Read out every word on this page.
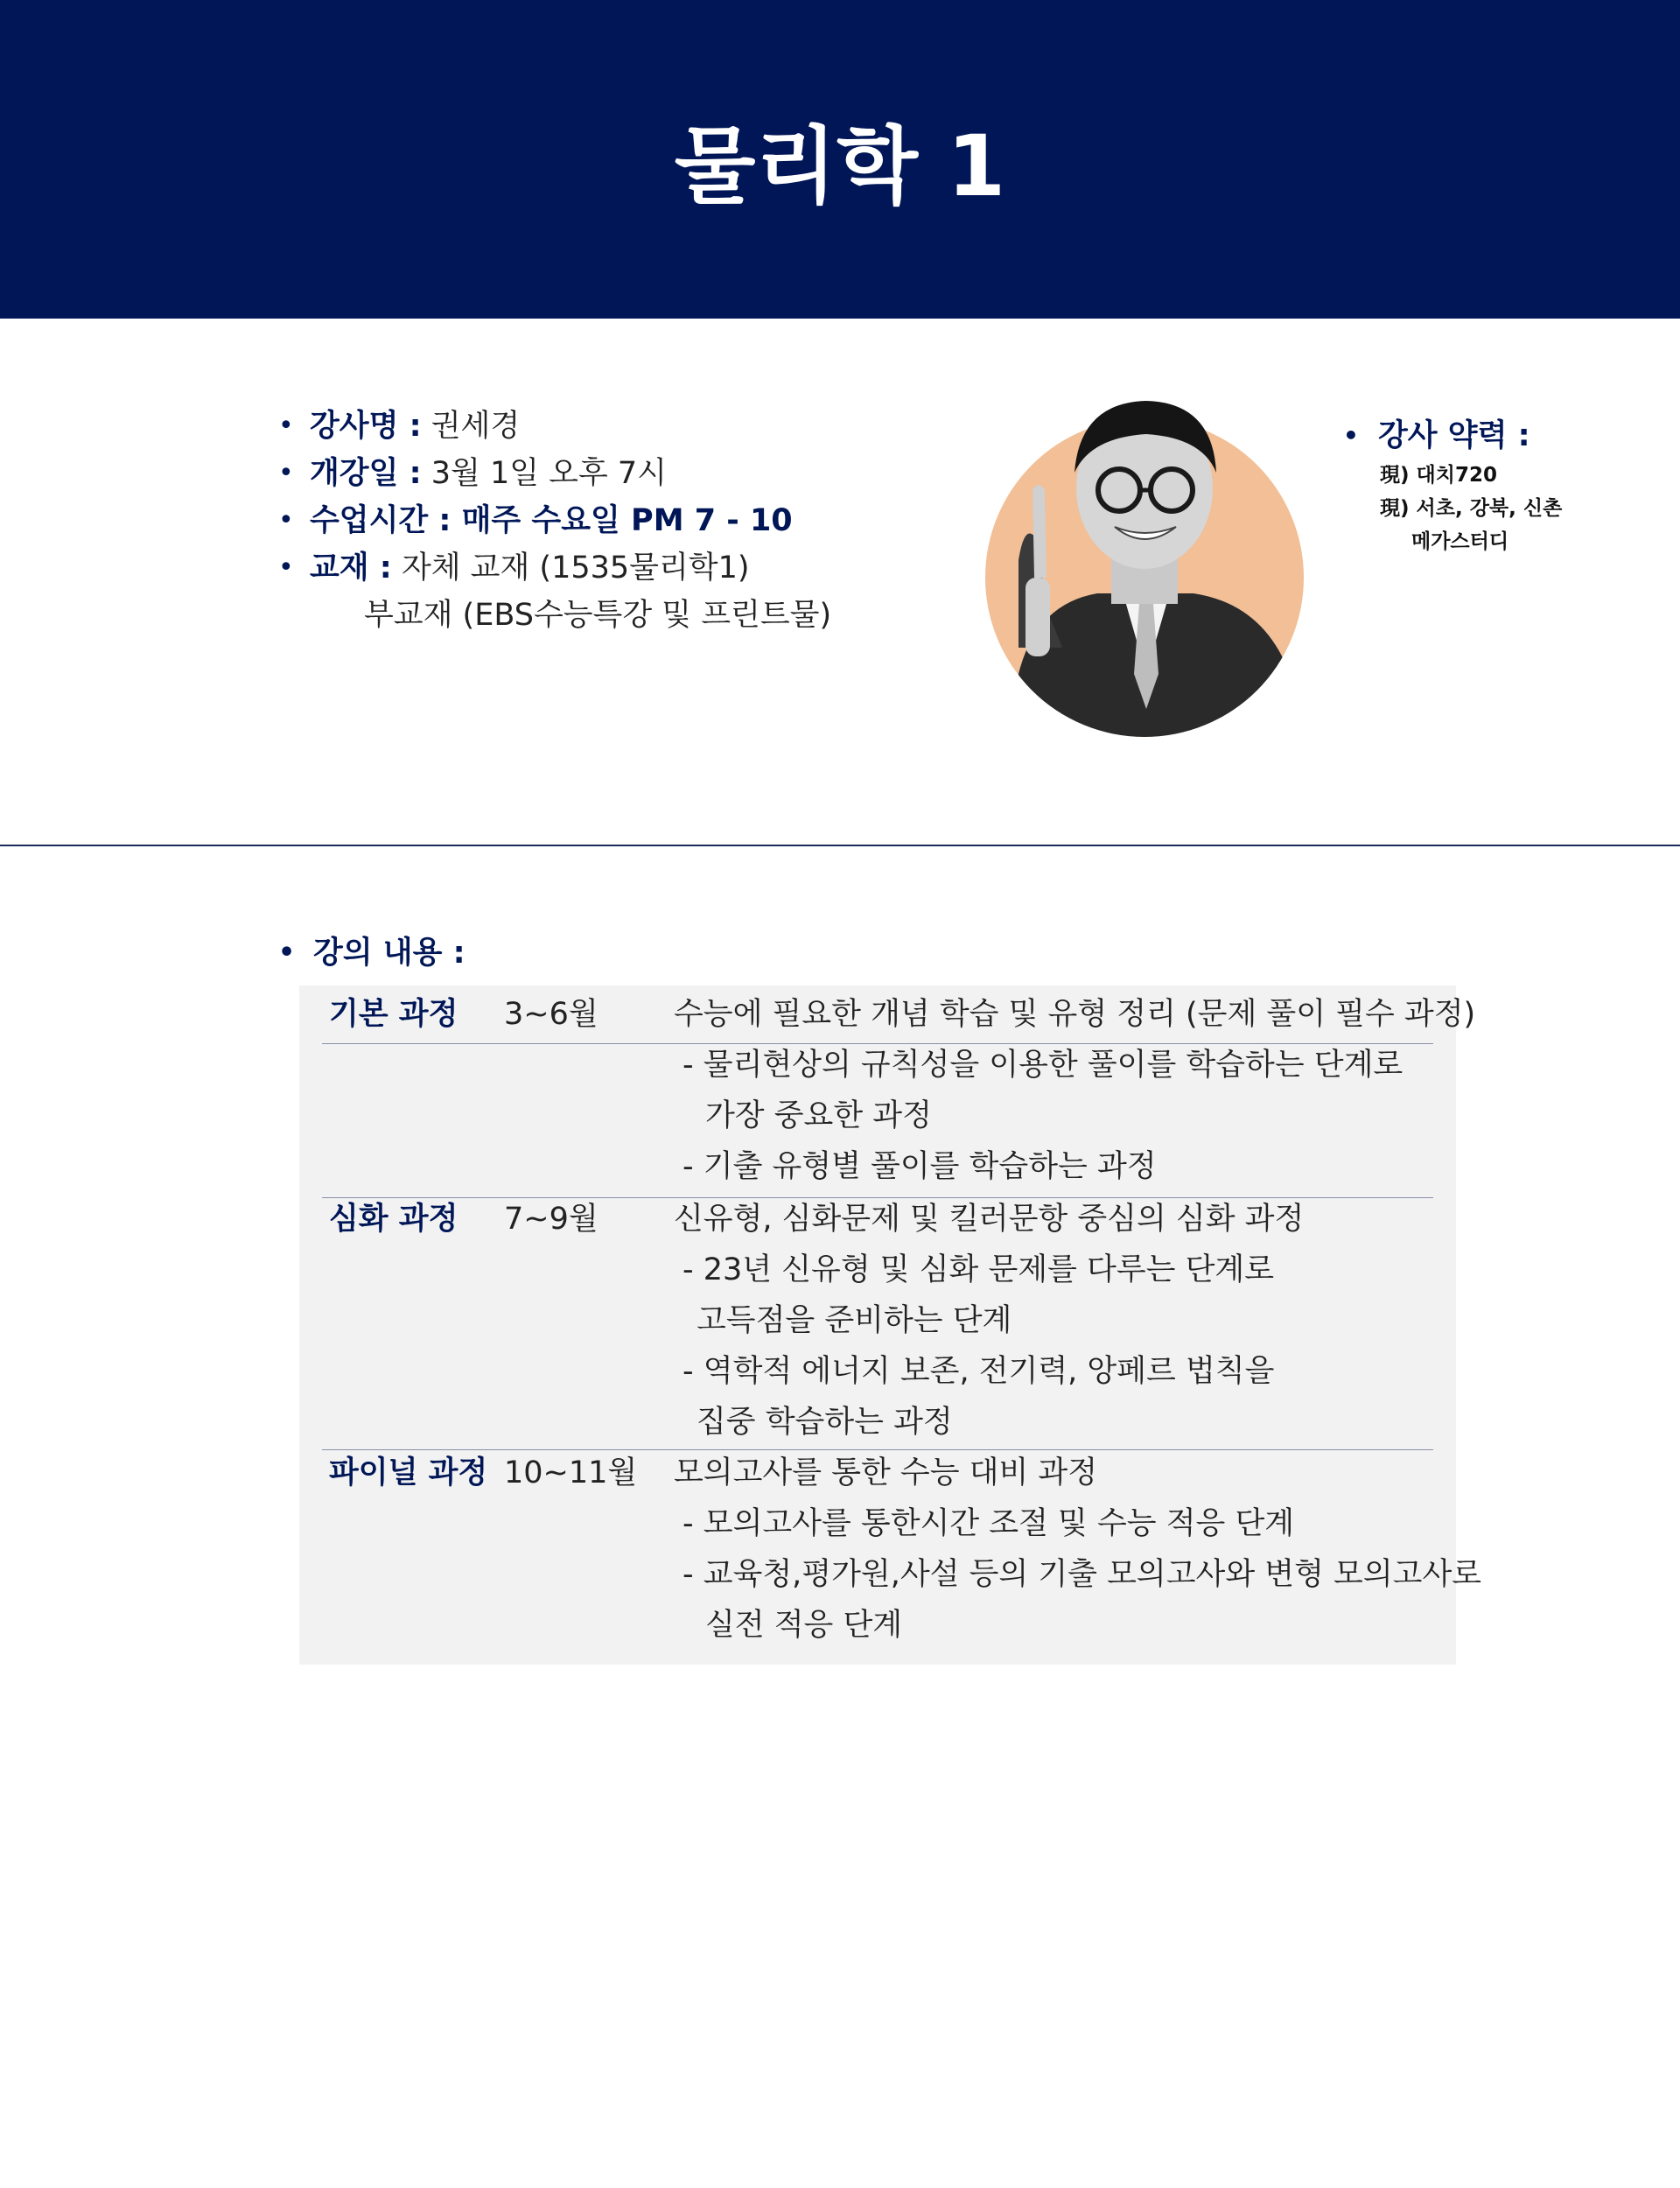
물리학 1
• 강사명 : 권세경
• 개강일 : 3월 1일 오후 7시
• 수업시간 : 매주 수요일 PM 7 - 10
• 교재 : 자체 교재 (1535물리학1)
부교재 (EBS수능특강 및 프린트물)
• 강사 약력 :
現) 대치720
現) 서초, 강북, 신촌
메가스터디
• 강의 내용 :
기본 과정 3~6월 수능에 필요한 개념 학습 및 유형 정리 (문제 풀이 필수 과정)
- 물리현상의 규칙성을 이용한 풀이를 학습하는 단계로
가장 중요한 과정
- 기출 유형별 풀이를 학습하는 과정
심화 과정 7~9월 신유형, 심화문제 및 킬러문항 중심의 심화 과정
- 23년 신유형 및 심화 문제를 다루는 단계로
고득점을 준비하는 단계
- 역학적 에너지 보존, 전기력, 앙페르 법칙을
집중 학습하는 과정
파이널 과정 10~11월 모의고사를 통한 수능 대비 과정
- 모의고사를 통한시간 조절 및 수능 적응 단계
- 교육청,평가원,사설 등의 기출 모의고사와 변형 모의고사로
실전 적응 단계
